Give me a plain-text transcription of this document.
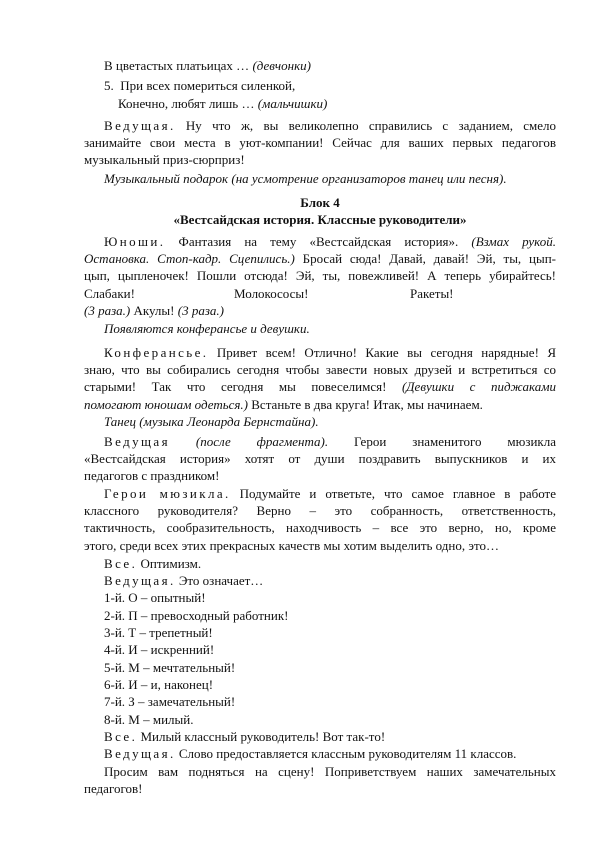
В цветастых платьицах … (девчонки)
5. При всех помериться силенкой,
Конечно, любят лишь … (мальчишки)
Ведущая. Ну что ж, вы великолепно справились с заданием, смело
занимайте свои места в уют-компании! Сейчас для ваших первых педагогов
музыкальный приз-сюрприз!
Музыкальный подарок (на усмотрение организаторов танец или песня).
Блок 4
«Вестсайдская история. Классные руководители»
Юноши. Фантазия на тему «Вестсайдская история». (Взмах рукой.
Остановка. Стоп-кадр. Сцепились.) Бросай сюда! Давай, давай! Эй, ты, цып-
цып, цыпленочек! Пошли отсюда! Эй, ты, повежливей! А теперь убирайтесь!
Слабаки!	Молокососы!	Ракеты!
(3 раза.) Акулы! (3 раза.)
Появляются конферансье и девушки.
Конферансье. Привет всем! Отлично! Какие вы сегодня нарядные! Я
знаю, что вы собирались сегодня чтобы завести новых друзей и встретиться со
старыми! Так что сегодня мы повеселимся! (Девушки с пиджаками
помогают юношам одеться.) Встаньте в два круга! Итак, мы начинаем.
Танец (музыка Леонарда Бернстайна).
Ведущая (после фрагмента). Герои знаменитого мюзикла
«Вестсайдская история» хотят от души поздравить выпускников и их
педагогов с праздником!
Герои мюзикла. Подумайте и ответьте, что самое главное в работе
классного руководителя? Верно – это собранность, ответственность,
тактичность, сообразительность, находчивость – все это верно, но, кроме
этого, среди всех этих прекрасных качеств мы хотим выделить одно, это…
Все. Оптимизм.
Ведущая. Это означает…
1-й. О – опытный!
2-й. П – превосходный работник!
3-й. Т – трепетный!
4-й. И – искренний!
5-й. М – мечтательный!
6-й. И – и, наконец!
7-й. З – замечательный!
8-й. М – милый.
Все. Милый классный руководитель! Вот так-то!
Ведущая. Слово предоставляется классным руководителям 11 классов.
Просим вам подняться на сцену! Поприветствуем наших замечательных
педагогов!
